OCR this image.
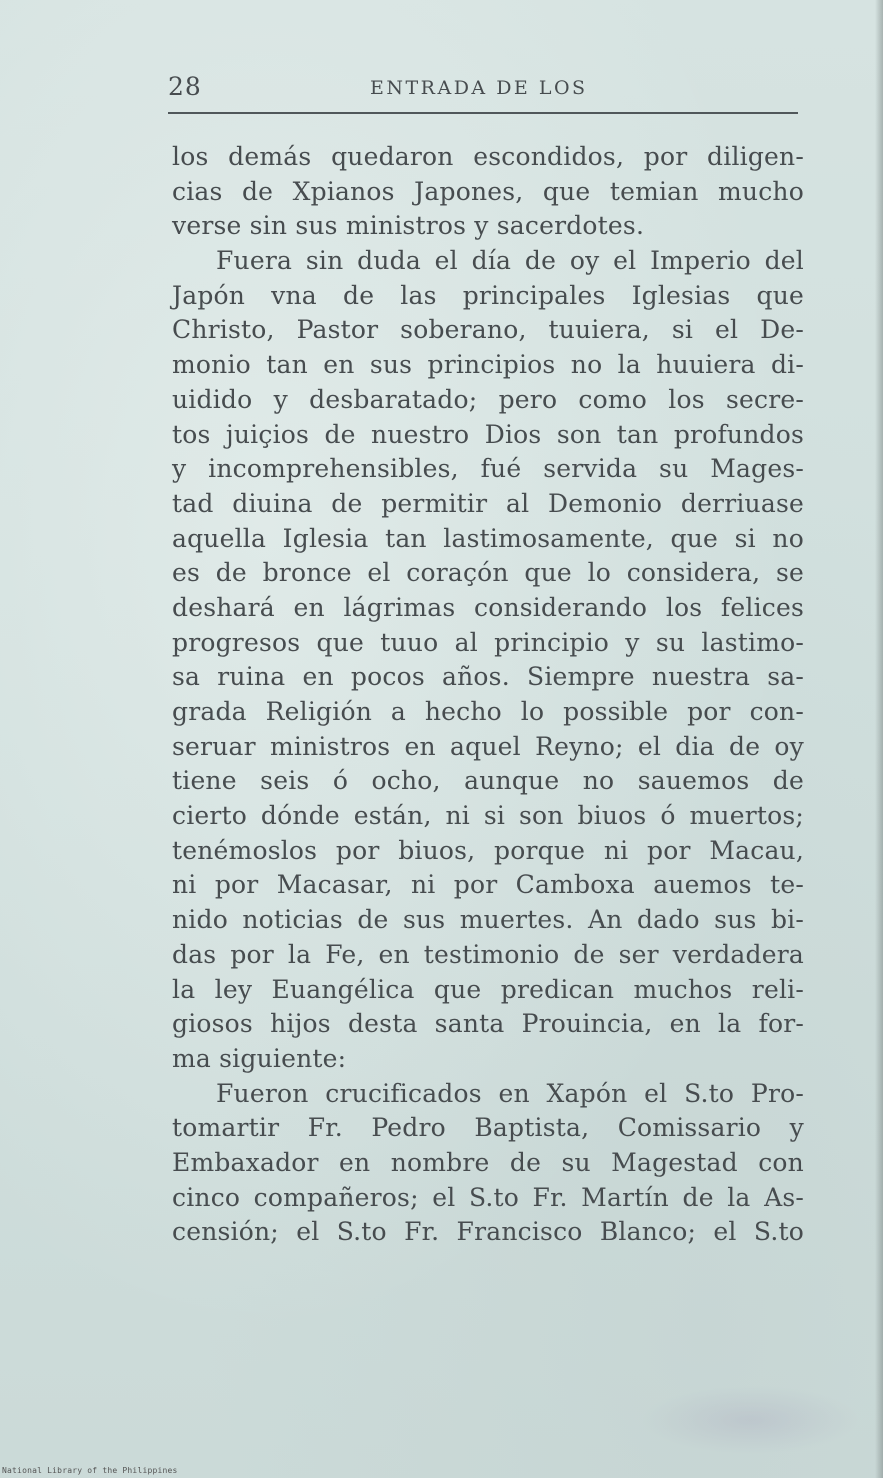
28	ENTRADA DE LOS
los demás quedaron escondidos, por diligen-
cias de Xpianos Japones, que temian mucho
verse sin sus ministros y sacerdotes.
Fuera sin duda el día de oy el Imperio del
Japón vna de las principales Iglesias que
Christo, Pastor soberano, tuuiera, si el De-
monio tan en sus principios no la huuiera di-
uidido y desbaratado; pero como los secre-
tos juiçios de nuestro Dios son tan profundos
y incomprehensibles, fué servida su Mages-
tad diuina de permitir al Demonio derriuase
aquella Iglesia tan lastimosamente, que si no
es de bronce el coraçón que lo considera, se
deshará en lágrimas considerando los felices
progresos que tuuo al principio y su lastimo-
sa ruina en pocos años. Siempre nuestra sa-
grada Religión a hecho lo possible por con-
seruar ministros en aquel Reyno; el dia de oy
tiene seis ó ocho, aunque no sauemos de
cierto dónde están, ni si son biuos ó muertos;
tenémoslos por biuos, porque ni por Macau,
ni por Macasar, ni por Camboxa auemos te-
nido noticias de sus muertes. An dado sus bi-
das por la Fe, en testimonio de ser verdadera
la ley Euangélica que predican muchos reli-
giosos hijos desta santa Prouincia, en la for-
ma siguiente:
Fueron crucificados en Xapón el S.to Pro-
tomartir Fr. Pedro Baptista, Comissario y
Embaxador en nombre de su Magestad con
cinco compañeros; el S.to Fr. Martín de la As-
censión; el S.to Fr. Francisco Blanco; el S.to
National Library of the Philippines
